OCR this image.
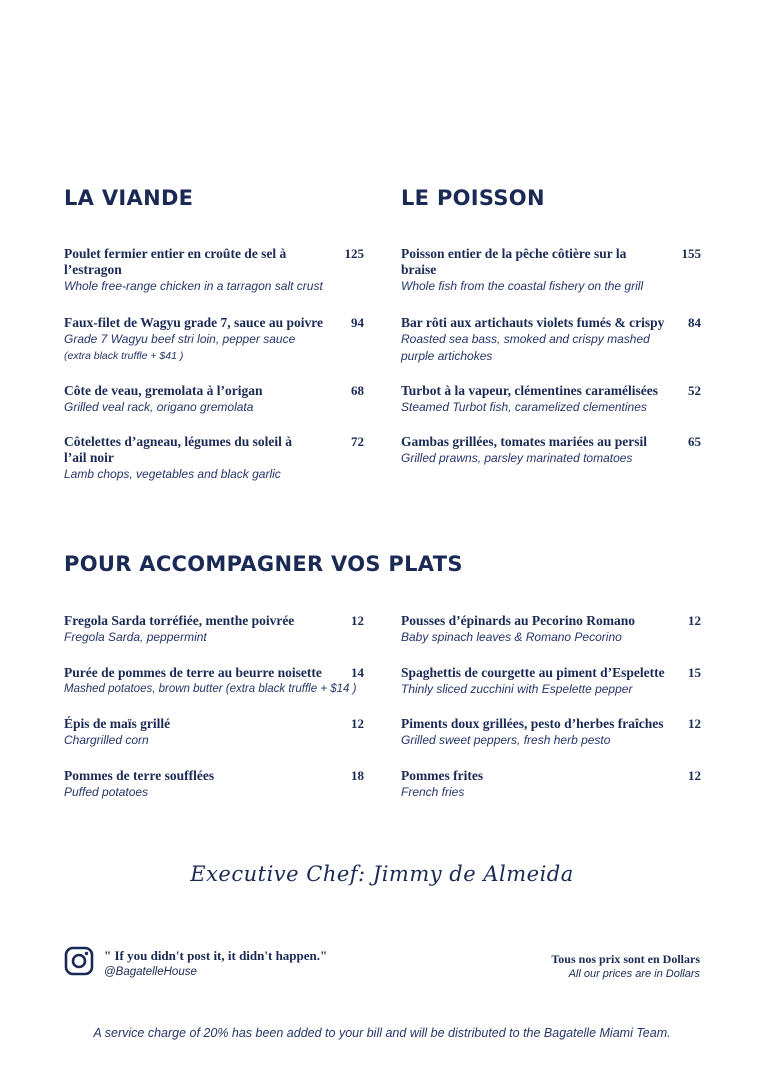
LA VIANDE
Poulet fermier entier en croûte de sel à l’estragon
125
Whole free-range chicken in a tarragon salt crust
Faux-filet de Wagyu grade 7, sauce au poivre 94
Grade 7 Wagyu beef stri loin, pepper sauce
(extra black truffle + $41 )
Côte de veau, gremolata à l’origan	68
Grilled veal rack, origano gremolata
Côtelettes d’agneau, légumes du soleil à l’ail noir
72
Lamb chops, vegetables and black garlic
LE POISSON
Poisson entier de la pêche côtière sur la braise
155
Whole fish from the coastal fishery on the grill
Bar rôti aux artichauts violets fumés & crispy 84
Roasted sea bass, smoked and crispy mashed purple artichokes
Turbot à la vapeur, clémentines caramélisées 52
Steamed Turbot fish, caramelized clementines
Gambas grillées, tomates mariées au persil	65
Grilled prawns, parsley marinated tomatoes
POUR ACCOMPAGNER VOS PLATS
Fregola Sarda torréfiée, menthe poivrée	12
Fregola Sarda, peppermint
Purée de pommes de terre au beurre noisette 14
Mashed potatoes, brown butter (extra black truffle + $14 )
Épis de maïs grillé	12
Chargrilled corn
Pommes de terre soufflées	18
Puffed potatoes
Pousses d’épinards au Pecorino Romano	12
Baby spinach leaves & Romano Pecorino
Spaghettis de courgette au piment d’Espelette 15
Thinly sliced zucchini with Espelette pepper
Piments doux grillées, pesto d’herbes fraîches 12
Grilled sweet peppers, fresh herb pesto
Pommes frites	12
French fries
Executive Chef: Jimmy de Almeida
" If you didn't post it, it didn't happen."
@BagatelleHouse
Tous nos prix sont en Dollars
All our prices are in Dollars
A service charge of 20% has been added to your bill and will be distributed to the Bagatelle Miami Team.
